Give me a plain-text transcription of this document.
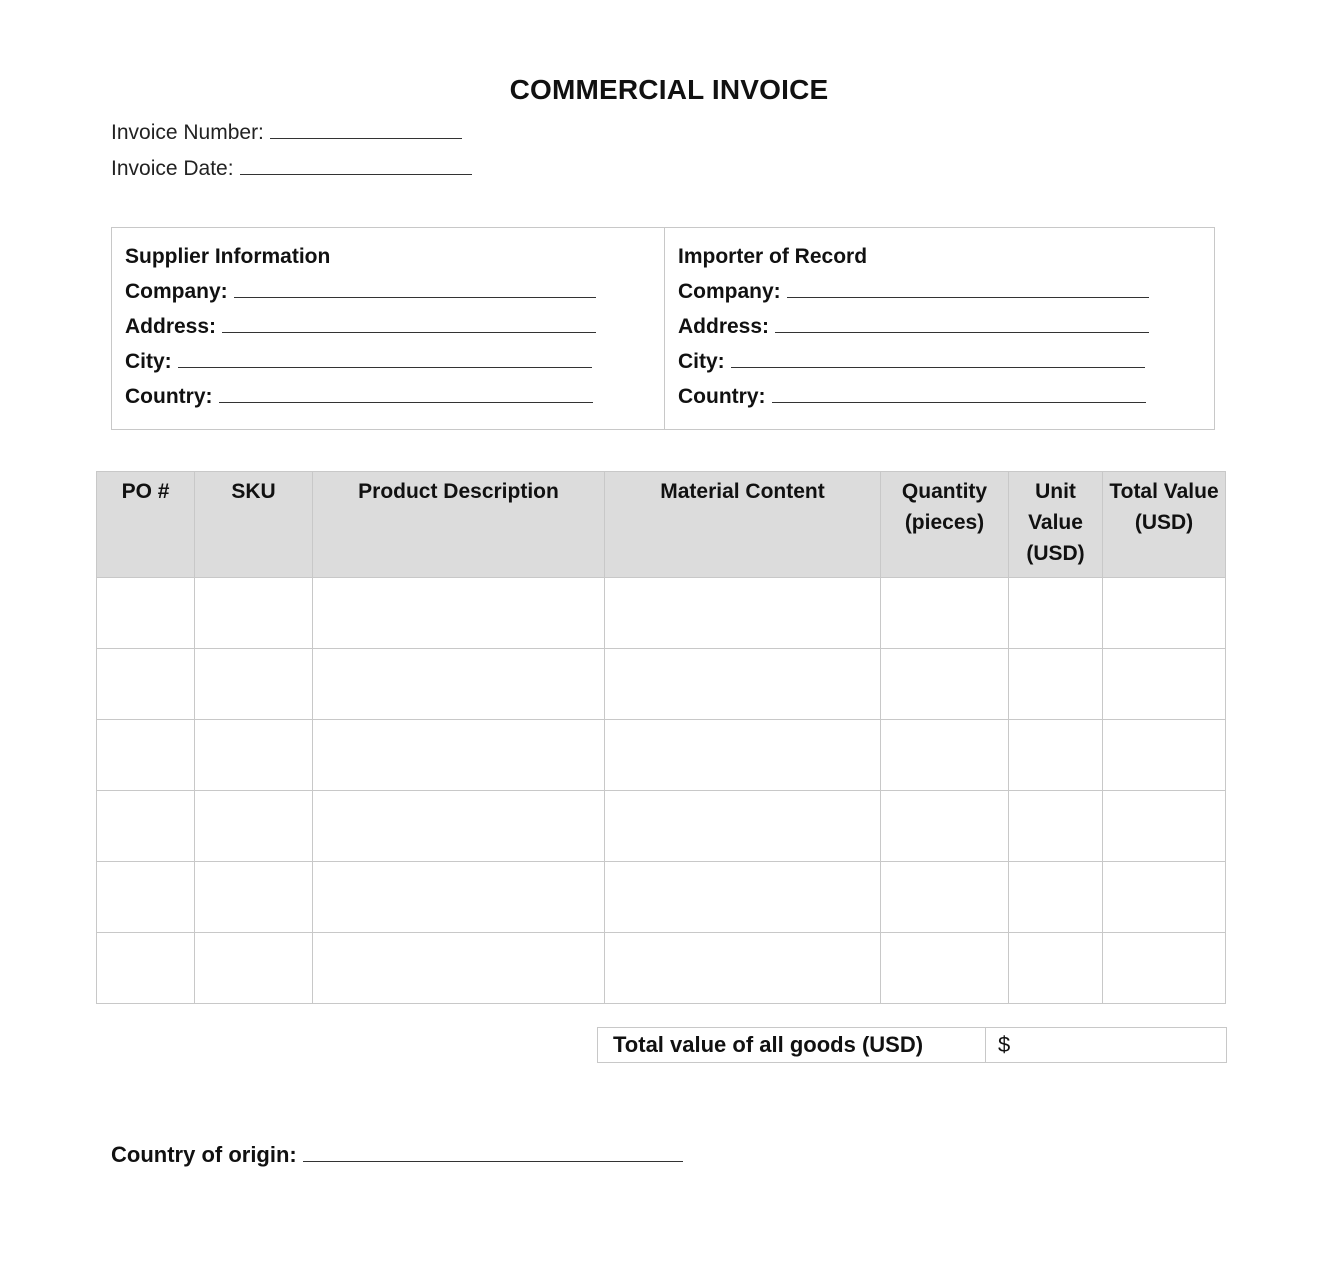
COMMERCIAL INVOICE
Invoice Number:
Invoice Date:
Supplier Information
Company:
Address:
City:
Country:
Importer of Record
Company:
Address:
City:
Country:
PO #	SKU	Product Description	Material Content	Quantity (pieces)	Unit Value (USD)	Total Value (USD)

Total value of all goods (USD)	$
Country of origin:
